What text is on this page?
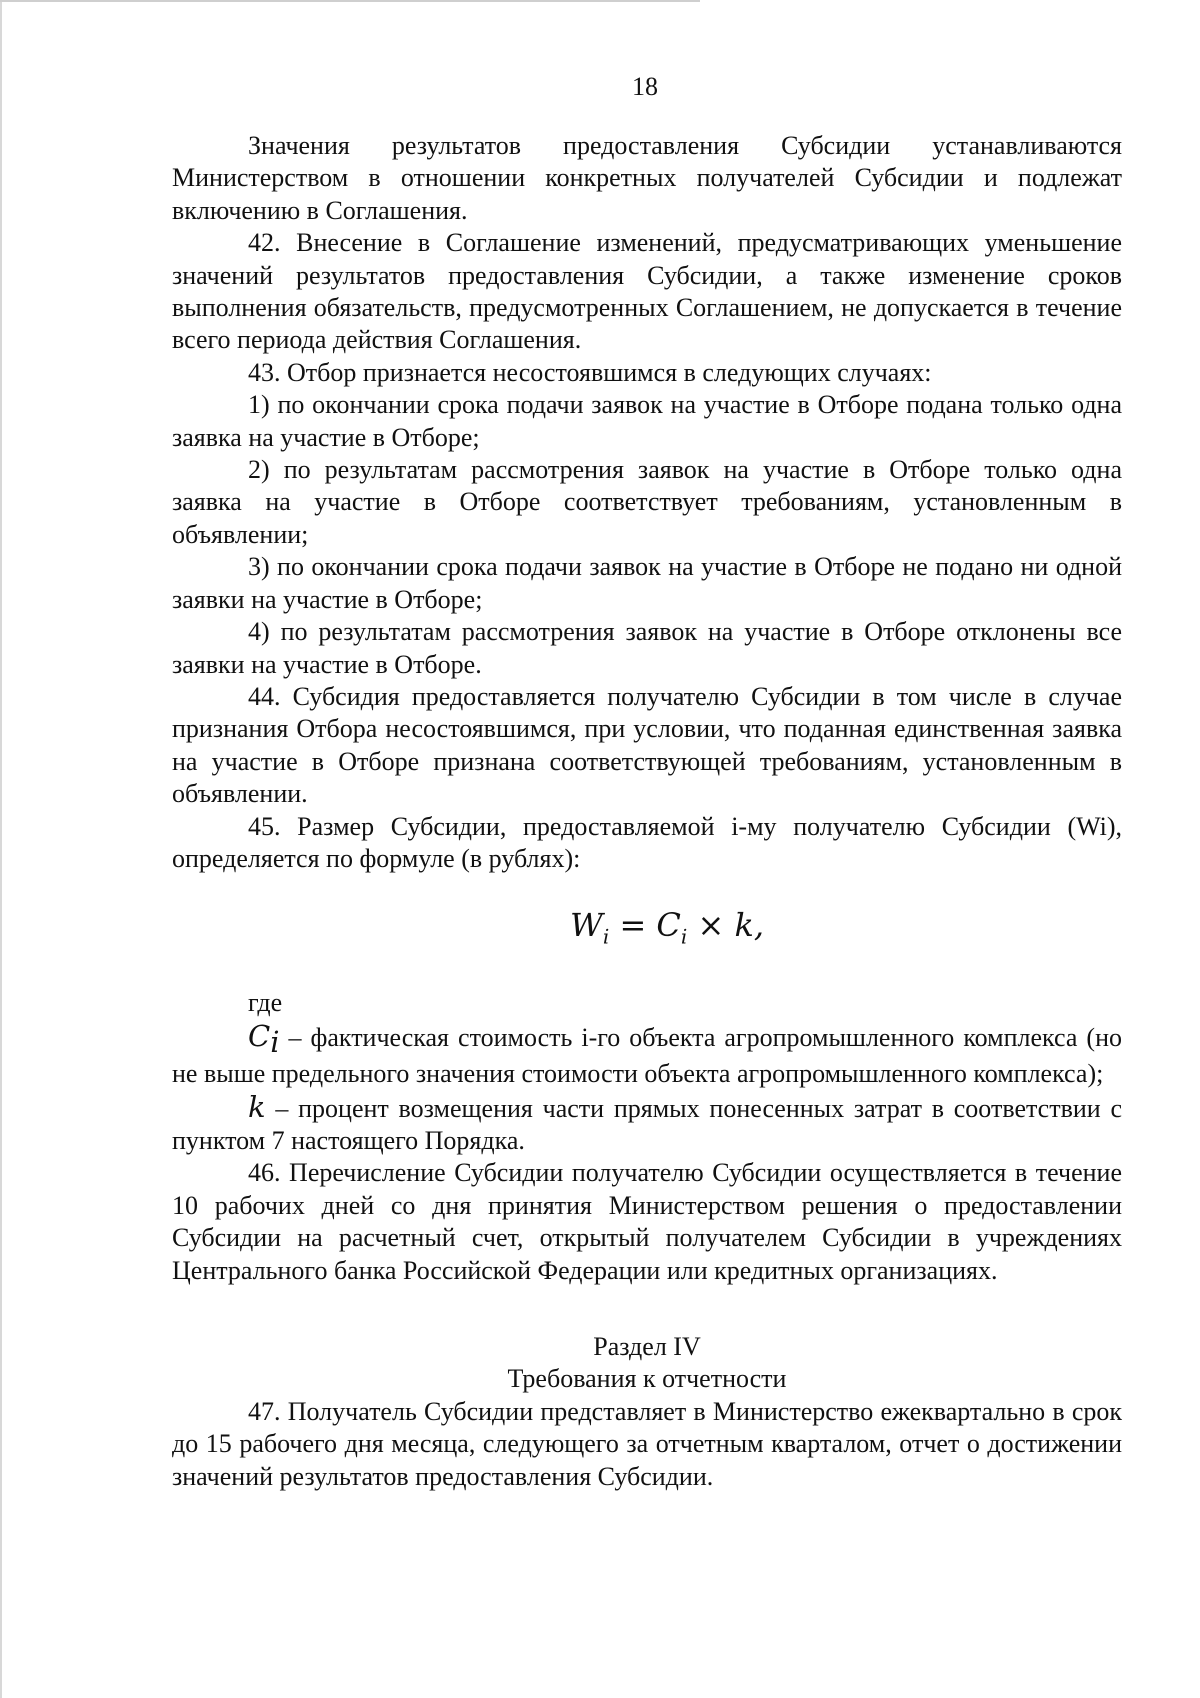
18

Значения результатов предоставления Субсидии устанавливаются Министерством в отношении конкретных получателей Субсидии и подлежат включению в Соглашения.

42. Внесение в Соглашение изменений, предусматривающих уменьшение значений результатов предоставления Субсидии, а также изменение сроков выполнения обязательств, предусмотренных Соглашением, не допускается в течение всего периода действия Соглашения.

43. Отбор признается несостоявшимся в следующих случаях:

1) по окончании срока подачи заявок на участие в Отборе подана только одна заявка на участие в Отборе;

2) по результатам рассмотрения заявок на участие в Отборе только одна заявка на участие в Отборе соответствует требованиям, установленным в объявлении;

3) по окончании срока подачи заявок на участие в Отборе не подано ни одной заявки на участие в Отборе;

4) по результатам рассмотрения заявок на участие в Отборе отклонены все заявки на участие в Отборе.

44. Субсидия предоставляется получателю Субсидии в том числе в случае признания Отбора несостоявшимся, при условии, что поданная единственная заявка на участие в Отборе признана соответствующей требованиям, установленным в объявлении.

45. Размер Субсидии, предоставляемой i-му получателю Субсидии (Wi), определяется по формуле (в рублях):

$W_i = C_i \times k$,

где

$C_i$ – фактическая стоимость i-го объекта агропромышленного комплекса (но не выше предельного значения стоимости объекта агропромышленного комплекса);

k – процент возмещения части прямых понесенных затрат в соответствии с пунктом 7 настоящего Порядка.

46. Перечисление Субсидии получателю Субсидии осуществляется в течение 10 рабочих дней со дня принятия Министерством решения о предоставлении Субсидии на расчетный счет, открытый получателем Субсидии в учреждениях Центрального банка Российской Федерации или кредитных организациях.

Раздел IV
Требования к отчетности

47. Получатель Субсидии представляет в Министерство ежеквартально в срок до 15 рабочего дня месяца, следующего за отчетным кварталом, отчет о достижении значений результатов предоставления Субсидии.
